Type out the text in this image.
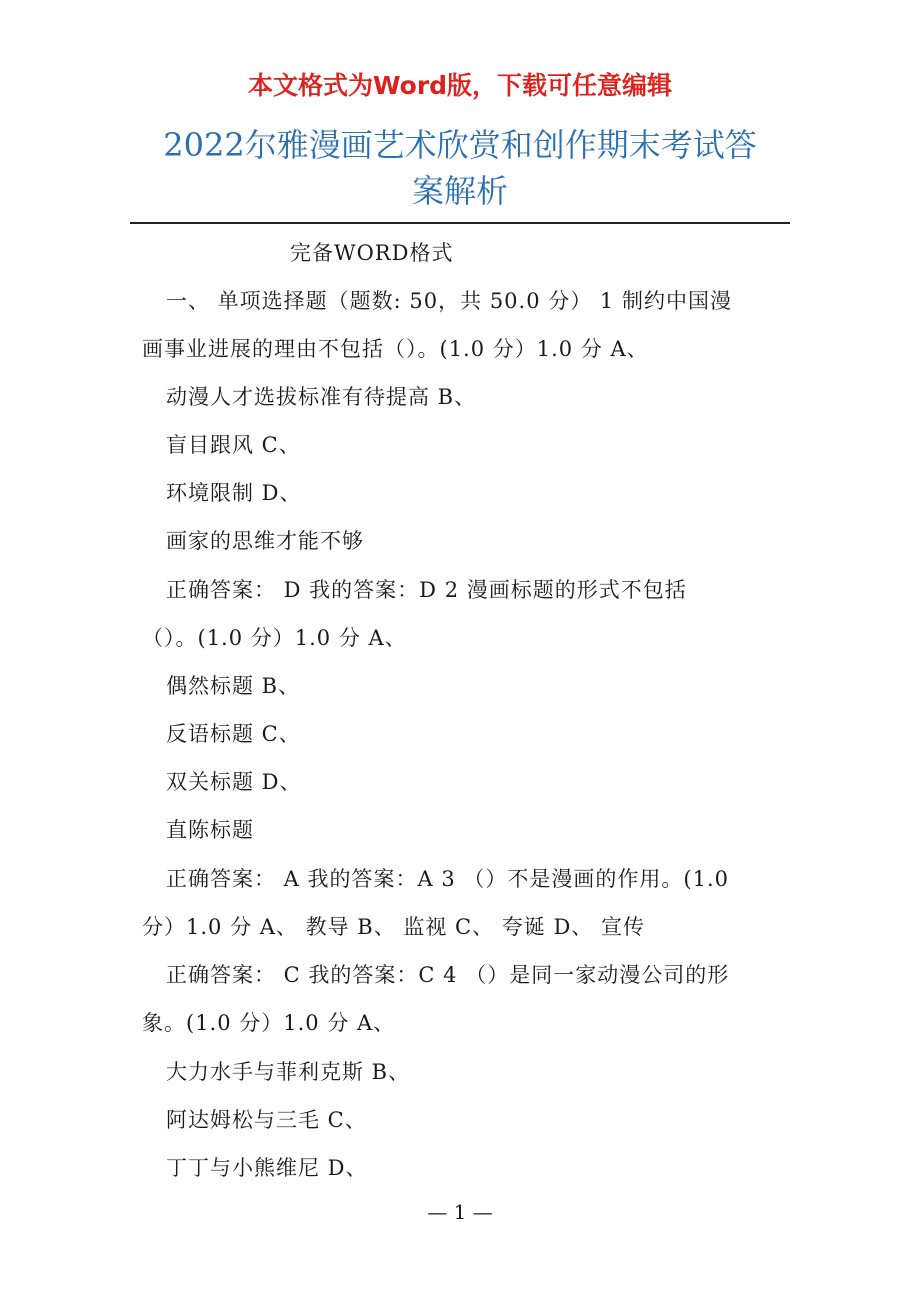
本文格式为Word版，下载可任意编辑
2022尔雅漫画艺术欣赏和创作期末考试答
案解析
完备WORD格式
一、 单项选择题（题数: 50，共 50.0 分） 1 制约中国漫
画事业进展的理由不包括（）。(1.0 分）1.0 分 A、
动漫人才选拔标准有待提高 B、
盲目跟风 C、
环境限制 D、
画家的思维才能不够
正确答案： D 我的答案：D 2 漫画标题的形式不包括
（）。(1.0 分）1.0 分 A、
偶然标题 B、
反语标题 C、
双关标题 D、
直陈标题
正确答案： A 我的答案：A 3 （）不是漫画的作用。(1.0
分）1.0 分 A、 教导 B、 监视 C、 夸诞 D、 宣传
正确答案： C 我的答案：C 4 （）是同一家动漫公司的形
象。(1.0 分）1.0 分 A、
大力水手与菲利克斯 B、
阿达姆松与三毛 C、
丁丁与小熊维尼 D、
— 1 —
